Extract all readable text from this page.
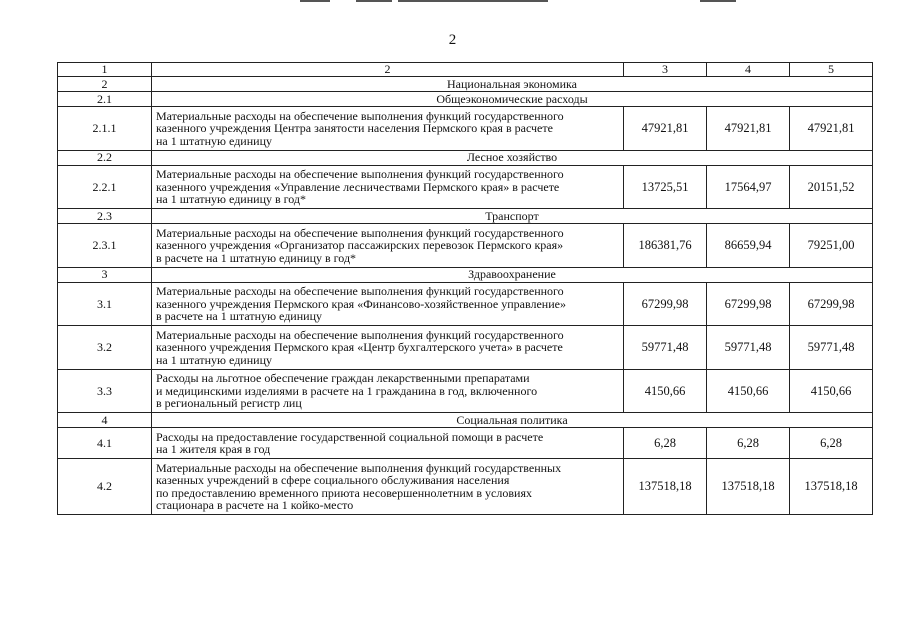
2
1	2	3	4	5
2	Национальная экономика			
2.1	Общеэкономические расходы			
2.1.1	Материальные расходы на обеспечение выполнения функций государственного
казенного учреждения Центра занятости населения Пермского края в расчете
на 1 штатную единицу	47921,81	47921,81	47921,81
2.2	Лесное хозяйство			
2.2.1	Материальные расходы на обеспечение выполнения функций государственного
казенного учреждения «Управление лесничествами Пермского края» в расчете
на 1 штатную единицу в год*	13725,51	17564,97	20151,52
2.3	Транспорт			
2.3.1	Материальные расходы на обеспечение выполнения функций государственного
казенного учреждения «Организатор пассажирских перевозок Пермского края»
в расчете на 1 штатную единицу в год*	186381,76	86659,94	79251,00
3	Здравоохранение			
3.1	Материальные расходы на обеспечение выполнения функций государственного
казенного учреждения Пермского края «Финансово-хозяйственное управление»
в расчете на 1 штатную единицу	67299,98	67299,98	67299,98
3.2	Материальные расходы на обеспечение выполнения функций государственного
казенного учреждения Пермского края «Центр бухгалтерского учета» в расчете
на 1 штатную единицу	59771,48	59771,48	59771,48
3.3	Расходы на льготное обеспечение граждан лекарственными препаратами
и медицинскими изделиями в расчете на 1 гражданина в год, включенного
в региональный регистр лиц	4150,66	4150,66	4150,66
4	Социальная политика			
4.1	Расходы на предоставление государственной социальной помощи в расчете
на 1 жителя края в год	6,28	6,28	6,28
4.2	Материальные расходы на обеспечение выполнения функций государственных
казенных учреждений в сфере социального обслуживания населения
по предоставлению временного приюта несовершеннолетним в условиях
стационара в расчете на 1 койко-место	137518,18	137518,18	137518,18
